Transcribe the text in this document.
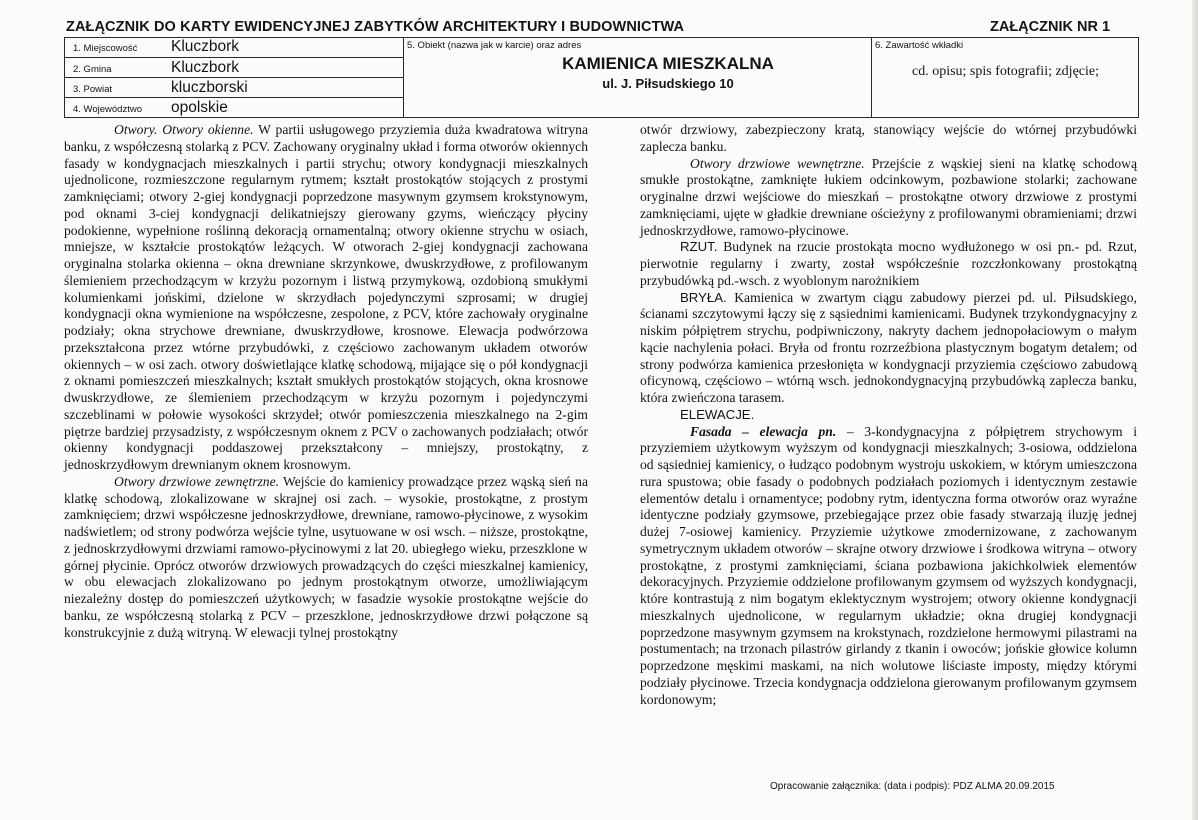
ZAŁĄCZNIK DO KARTY EWIDENCYJNEJ ZABYTKÓW ARCHITEKTURY I BUDOWNICTWA	ZAŁĄCZNIK NR 1
1. Miejscowość Kluczbork
2. Gmina	Kluczbork
3. Powiat	kluczborski
4. Województwo opolskie
5. Obiekt (nazwa jak w karcie) oraz adres
KAMIENICA MIESZKALNA
ul. J. Piłsudskiego 10
6. Zawartość wkładki
cd. opisu; spis fotografii; zdjęcie;

Otwory. Otwory okienne. W partii usługowego przyziemia duża kwadratowa witryna banku, z współczesną stolarką z PCV. Zachowany oryginalny układ i forma otworów okiennych fasady w kondygnacjach mieszkalnych i partii strychu; otwory kondygnacji mieszkalnych ujednolicone, rozmieszczone regularnym rytmem; kształt prostokątów stojących z prostymi zamknięciami; otwory 2-giej kondygnacji poprzedzone masywnym gzymsem krokstynowym, pod oknami 3-ciej kondygnacji delikatniejszy gierowany gzyms, wieńczący płyciny podokienne, wypełnione roślinną dekoracją ornamentalną; otwory okienne strychu w osiach, mniejsze, w kształcie prostokątów leżących. W otworach 2-giej kondygnacji zachowana oryginalna stolarka okienna – okna drewniane skrzynkowe, dwuskrzydłowe, z profilowanym ślemieniem przechodzącym w krzyżu pozornym i listwą przymykową, ozdobioną smukłymi kolumienkami jońskimi, dzielone w skrzydłach pojedynczymi szprosami; w drugiej kondygnacji okna wymienione na współczesne, zespolone, z PCV, które zachowały oryginalne podziały; okna strychowe drewniane, dwuskrzydłowe, krosnowe. Elewacja podwórzowa przekształcona przez wtórne przybudówki, z częściowo zachowanym układem otworów okiennych – w osi zach. otwory doświetlające klatkę schodową, mijające się o pół kondygnacji z oknami pomieszczeń mieszkalnych; kształt smukłych prostokątów stojących, okna krosnowe dwuskrzydłowe, ze ślemieniem przechodzącym w krzyżu pozornym i pojedynczymi szczeblinami w połowie wysokości skrzydeł; otwór pomieszczenia mieszkalnego na 2-gim piętrze bardziej przysadzisty, z współczesnym oknem z PCV o zachowanych podziałach; otwór okienny kondygnacji poddaszowej przekształcony – mniejszy, prostokątny, z jednoskrzydłowym drewnianym oknem krosnowym.

Otwory drzwiowe zewnętrzne. Wejście do kamienicy prowadzące przez wąską sień na klatkę schodową, zlokalizowane w skrajnej osi zach. – wysokie, prostokątne, z prostym zamknięciem; drzwi współczesne jednoskrzydłowe, drewniane, ramowo-płycinowe, z wysokim nadświetlem; od strony podwórza wejście tylne, usytuowane w osi wsch. – niższe, prostokątne, z jednoskrzydłowymi drzwiami ramowo-płycinowymi z lat 20. ubiegłego wieku, przeszklone w górnej płycinie. Oprócz otworów drzwiowych prowadzących do części mieszkalnej kamienicy, w obu elewacjach zlokalizowano po jednym prostokątnym otworze, umożliwiającym niezależny dostęp do pomieszczeń użytkowych; w fasadzie wysokie prostokątne wejście do banku, ze współczesną stolarką z PCV – przeszklone, jednoskrzydłowe drzwi połączone są konstrukcyjnie z dużą witryną. W elewacji tylnej prostokątny

otwór drzwiowy, zabezpieczony kratą, stanowiący wejście do wtórnej przybudówki zaplecza banku.

Otwory drzwiowe wewnętrzne. Przejście z wąskiej sieni na klatkę schodową smukłe prostokątne, zamknięte łukiem odcinkowym, pozbawione stolarki; zachowane oryginalne drzwi wejściowe do mieszkań – prostokątne otwory drzwiowe z prostymi zamknięciami, ujęte w gładkie drewniane ościeżyny z profilowanymi obramieniami; drzwi jednoskrzydłowe, ramowo-płycinowe.

RZUT. Budynek na rzucie prostokąta mocno wydłużonego w osi pn.- pd. Rzut, pierwotnie regularny i zwarty, został współcześnie rozczłonkowany prostokątną przybudówką pd.-wsch. z wyoblonym narożnikiem

BRYŁA. Kamienica w zwartym ciągu zabudowy pierzei pd. ul. Piłsudskiego, ścianami szczytowymi łączy się z sąsiednimi kamienicami. Budynek trzykondygnacyjny z niskim półpiętrem strychu, podpiwniczony, nakryty dachem jednopołaciowym o małym kącie nachylenia połaci. Bryła od frontu rozrzeźbiona plastycznym bogatym detalem; od strony podwórza kamienica przesłonięta w kondygnacji przyziemia częściowo zabudową oficynową, częściowo – wtórną wsch. jednokondygnacyjną przybudówką zaplecza banku, która zwieńczona tarasem.

ELEWACJE.

Fasada – elewacja pn. – 3-kondygnacyjna z półpiętrem strychowym i przyziemiem użytkowym wyższym od kondygnacji mieszkalnych; 3-osiowa, oddzielona od sąsiedniej kamienicy, o łudząco podobnym wystroju uskokiem, w którym umieszczona rura spustowa; obie fasady o podobnych podziałach poziomych i identycznym zestawie elementów detalu i ornamentyce; podobny rytm, identyczna forma otworów oraz wyraźne identyczne podziały gzymsowe, przebiegające przez obie fasady stwarzają iluzję jednej dużej 7-osiowej kamienicy. Przyziemie użytkowe zmodernizowane, z zachowanym symetrycznym układem otworów – skrajne otwory drzwiowe i środkowa witryna – otwory prostokątne, z prostymi zamknięciami, ściana pozbawiona jakichkolwiek elementów dekoracyjnych. Przyziemie oddzielone profilowanym gzymsem od wyższych kondygnacji, które kontrastują z nim bogatym eklektycznym wystrojem; otwory okienne kondygnacji mieszkalnych ujednolicone, w regularnym układzie; okna drugiej kondygnacji poprzedzone masywnym gzymsem na krokstynach, rozdzielone hermowymi pilastrami na postumentach; na trzonach pilastrów girlandy z tkanin i owoców; jońskie głowice kolumn poprzedzone męskimi maskami, na nich wolutowe liściaste imposty, między którymi podziały płycinowe. Trzecia kondygnacja oddzielona gierowanym profilowanym gzymsem kordonowym;

Opracowanie załącznika: (data i podpis): PDZ ALMA 20.09.2015
